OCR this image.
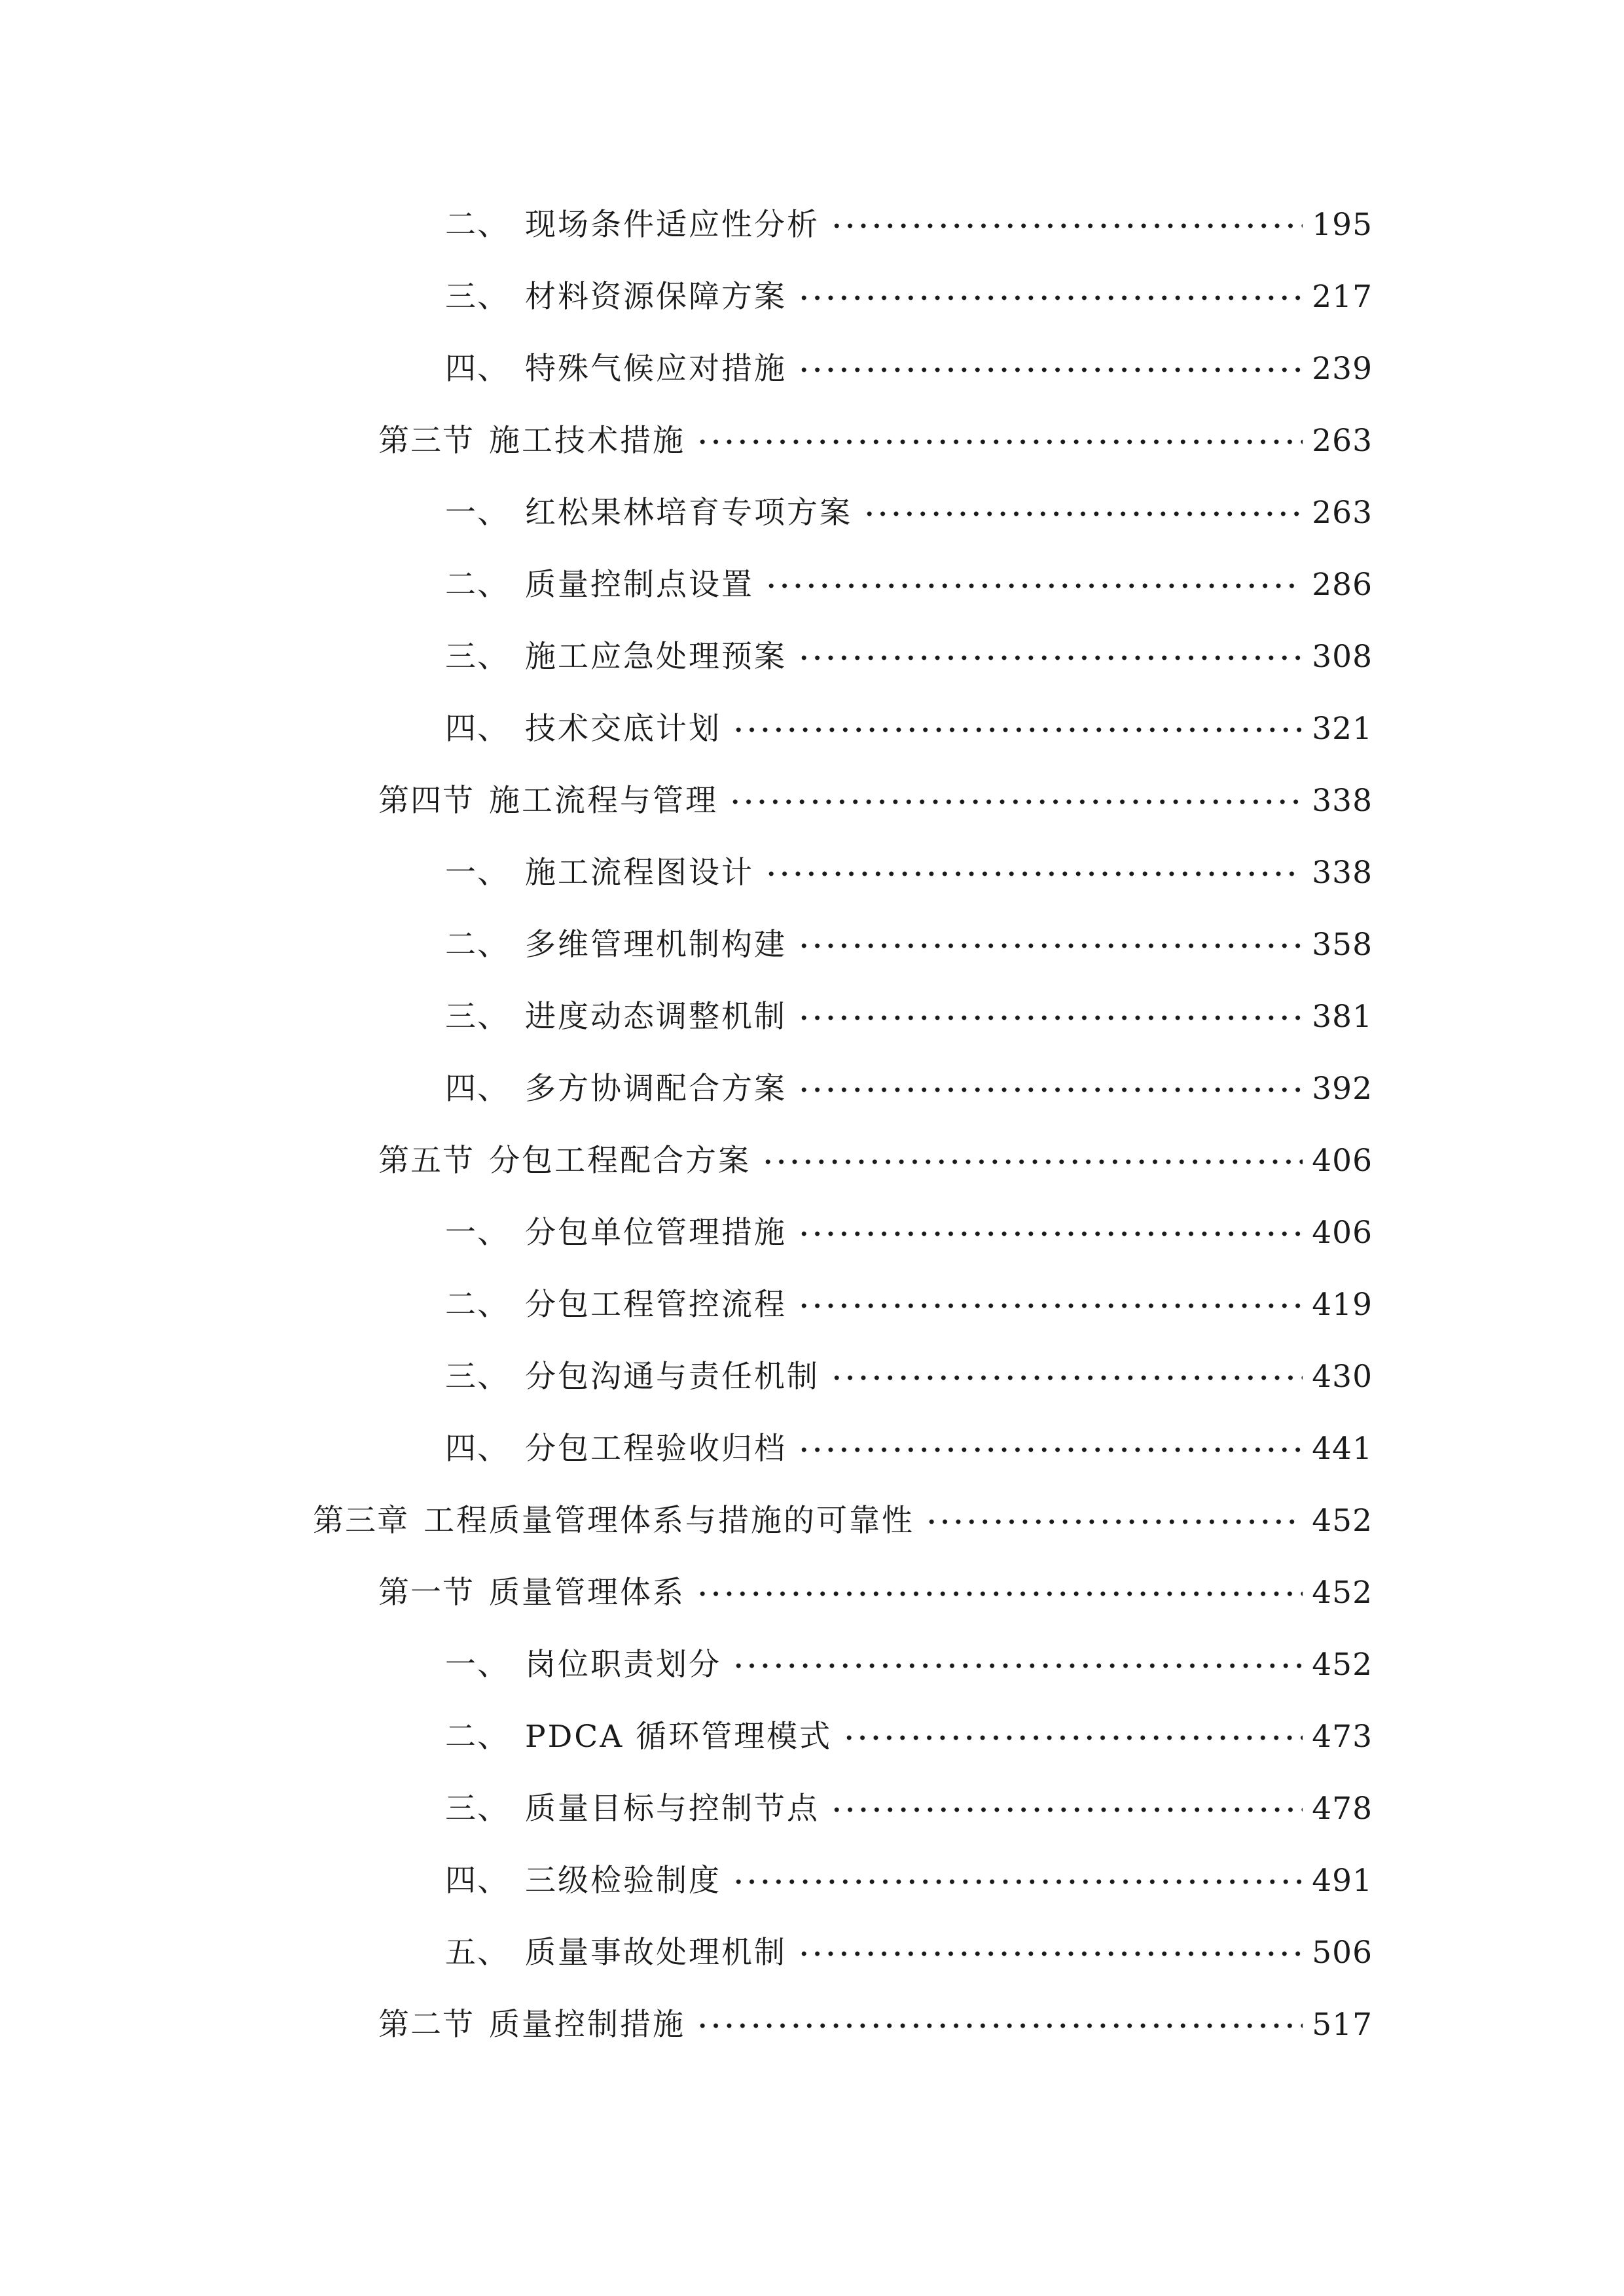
二、 现场条件适应性分析	195
三、 材料资源保障方案	217
四、 特殊气候应对措施	239
第三节 施工技术措施	263
一、 红松果林培育专项方案	263
二、 质量控制点设置	286
三、 施工应急处理预案	308
四、 技术交底计划	321
第四节 施工流程与管理	338
一、 施工流程图设计	338
二、 多维管理机制构建	358
三、 进度动态调整机制	381
四、 多方协调配合方案	392
第五节 分包工程配合方案	406
一、 分包单位管理措施	406
二、 分包工程管控流程	419
三、 分包沟通与责任机制	430
四、 分包工程验收归档	441
第三章 工程质量管理体系与措施的可靠性	452
第一节 质量管理体系	452
一、 岗位职责划分	452
二、 PDCA 循环管理模式	473
三、 质量目标与控制节点	478
四、 三级检验制度	491
五、 质量事故处理机制	506
第二节 质量控制措施	517
